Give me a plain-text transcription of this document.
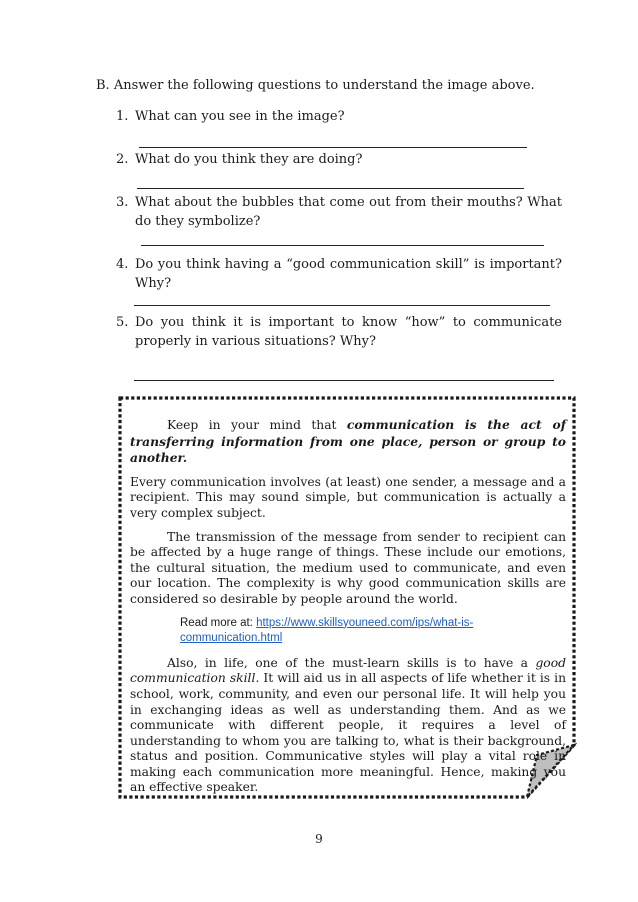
B. Answer the following questions to understand the image above.

1. What can you see in the image?
2. What do you think they are doing?
3. What about the bubbles that come out from their mouths? What do they symbolize?
4. Do you think having a “good communication skill” is important? Why?
5. Do you think it is important to know “how” to communicate properly in various situations? Why?

Keep in your mind that communication is the act of transferring information from one place, person or group to another.

Every communication involves (at least) one sender, a message and a recipient. This may sound simple, but communication is actually a very complex subject.

The transmission of the message from sender to recipient can be affected by a huge range of things. These include our emotions, the cultural situation, the medium used to communicate, and even our location. The complexity is why good communication skills are considered so desirable by people around the world.

Read more at: https://www.skillsyouneed.com/ips/what-is-communication.html

Also, in life, one of the must-learn skills is to have a good communication skill. It will aid us in all aspects of life whether it is in school, work, community, and even our personal life. It will help you in exchanging ideas as well as understanding them. And as we communicate with different people, it requires a level of understanding to whom you are talking to, what is their background, status and position. Communicative styles will play a vital role in making each communication more meaningful. Hence, making you an effective speaker.

9
